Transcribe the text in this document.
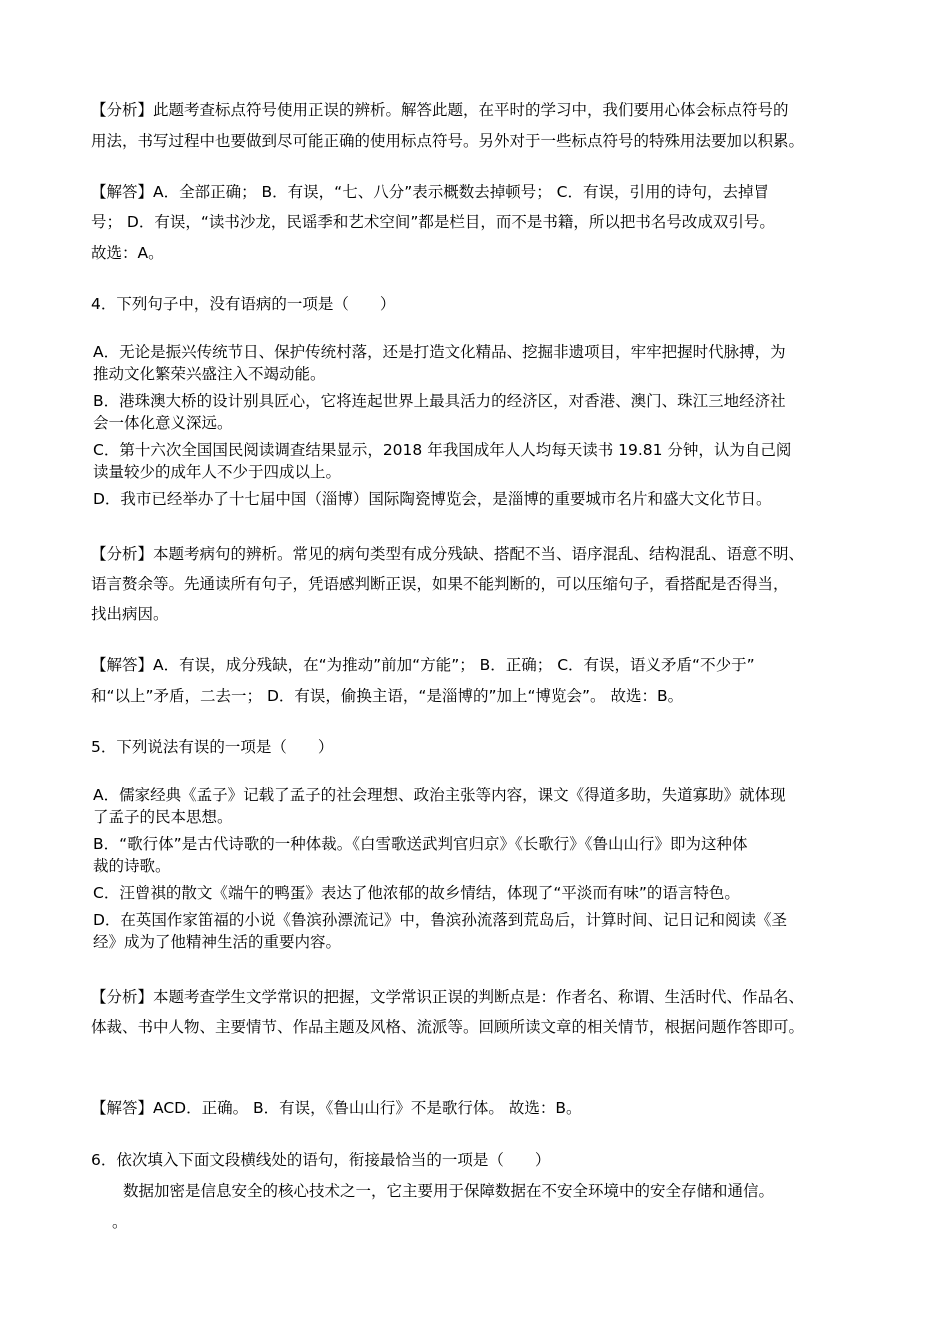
【分析】此题考查标点符号使用正误的辨析。解答此题，在平时的学习中，我们要用心体会标点符号的
用法，书写过程中也要做到尽可能正确的使用标点符号。另外对于一些标点符号的特殊用法要加以积累。
【解答】A．全部正确； B．有误，“七、八分”表示概数去掉顿号； C．有误，引用的诗句，去掉冒
号； D．有误，“读书沙龙，民谣季和艺术空间”都是栏目，而不是书籍，所以把书名号改成双引号。
故选：A。
4．下列句子中，没有语病的一项是（　　）
A．无论是振兴传统节日、保护传统村落，还是打造文化精品、挖掘非遗项目，牢牢把握时代脉搏，为
推动文化繁荣兴盛注入不竭动能。
B．港珠澳大桥的设计别具匠心，它将连起世界上最具活力的经济区，对香港、澳门、珠江三地经济社
会一体化意义深远。
C．第十六次全国国民阅读调查结果显示，2018 年我国成年人人均每天读书 19.81 分钟，认为自己阅
读量较少的成年人不少于四成以上。
D．我市已经举办了十七届中国（淄博）国际陶瓷博览会，是淄博的重要城市名片和盛大文化节日。
【分析】本题考病句的辨析。常见的病句类型有成分残缺、搭配不当、语序混乱、结构混乱、语意不明、
语言赘余等。先通读所有句子，凭语感判断正误，如果不能判断的，可以压缩句子，看搭配是否得当，
找出病因。
【解答】A．有误，成分残缺，在“为推动”前加“方能”； B．正确； C．有误，语义矛盾“不少于”
和“以上”矛盾，二去一； D．有误，偷换主语，“是淄博的”加上“博览会”。 故选：B。
5．下列说法有误的一项是（　　）
A．儒家经典《孟子》记载了孟子的社会理想、政治主张等内容，课文《得道多助，失道寡助》就体现
了孟子的民本思想。
B．“歌行体”是古代诗歌的一种体裁。《白雪歌送武判官归京》《长歌行》《鲁山山行》即为这种体
裁的诗歌。
C．汪曾祺的散文《端午的鸭蛋》表达了他浓郁的故乡情结，体现了“平淡而有味”的语言特色。
D．在英国作家笛福的小说《鲁滨孙漂流记》中，鲁滨孙流落到荒岛后，计算时间、记日记和阅读《圣
经》成为了他精神生活的重要内容。
【分析】本题考查学生文学常识的把握，文学常识正误的判断点是：作者名、称谓、生活时代、作品名、
体裁、书中人物、主要情节、作品主题及风格、流派等。回顾所读文章的相关情节，根据问题作答即可。
【解答】ACD．正确。 B．有误，《鲁山山行》不是歌行体。 故选：B。
6．依次填入下面文段横线处的语句，衔接最恰当的一项是（　　）
数据加密是信息安全的核心技术之一，它主要用于保障数据在不安全环境中的安全存储和通信。
。
